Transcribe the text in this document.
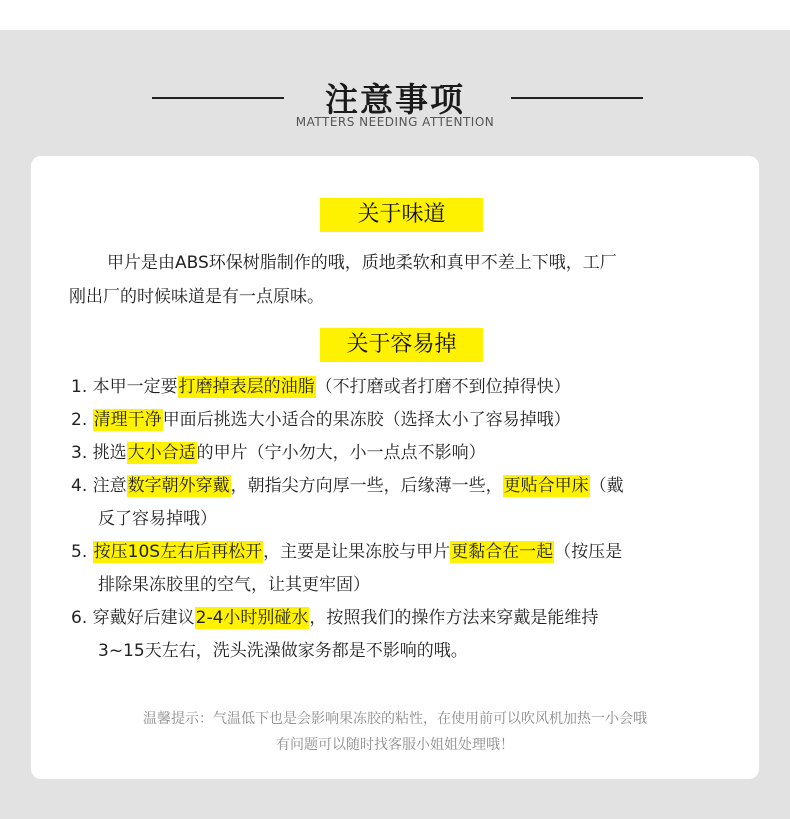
注意事项
MATTERS NEEDING ATTENTION
关于味道
甲片是由ABS环保树脂制作的哦，质地柔软和真甲不差上下哦，工厂
刚出厂的时候味道是有一点原味。
关于容易掉
1. 本甲一定要打磨掉表层的油脂（不打磨或者打磨不到位掉得快）
2. 清理干净甲面后挑选大小适合的果冻胶（选择太小了容易掉哦）
3. 挑选大小合适的甲片（宁小勿大，小一点点不影响）
4. 注意数字朝外穿戴，朝指尖方向厚一些，后缘薄一些，更贴合甲床（戴
反了容易掉哦）
5. 按压10S左右后再松开，主要是让果冻胶与甲片更黏合在一起（按压是
排除果冻胶里的空气，让其更牢固）
6. 穿戴好后建议2-4小时别碰水，按照我们的操作方法来穿戴是能维持
3~15天左右，洗头洗澡做家务都是不影响的哦。
温馨提示：气温低下也是会影响果冻胶的粘性，在使用前可以吹风机加热一小会哦
有问题可以随时找客服小姐姐处理哦！
